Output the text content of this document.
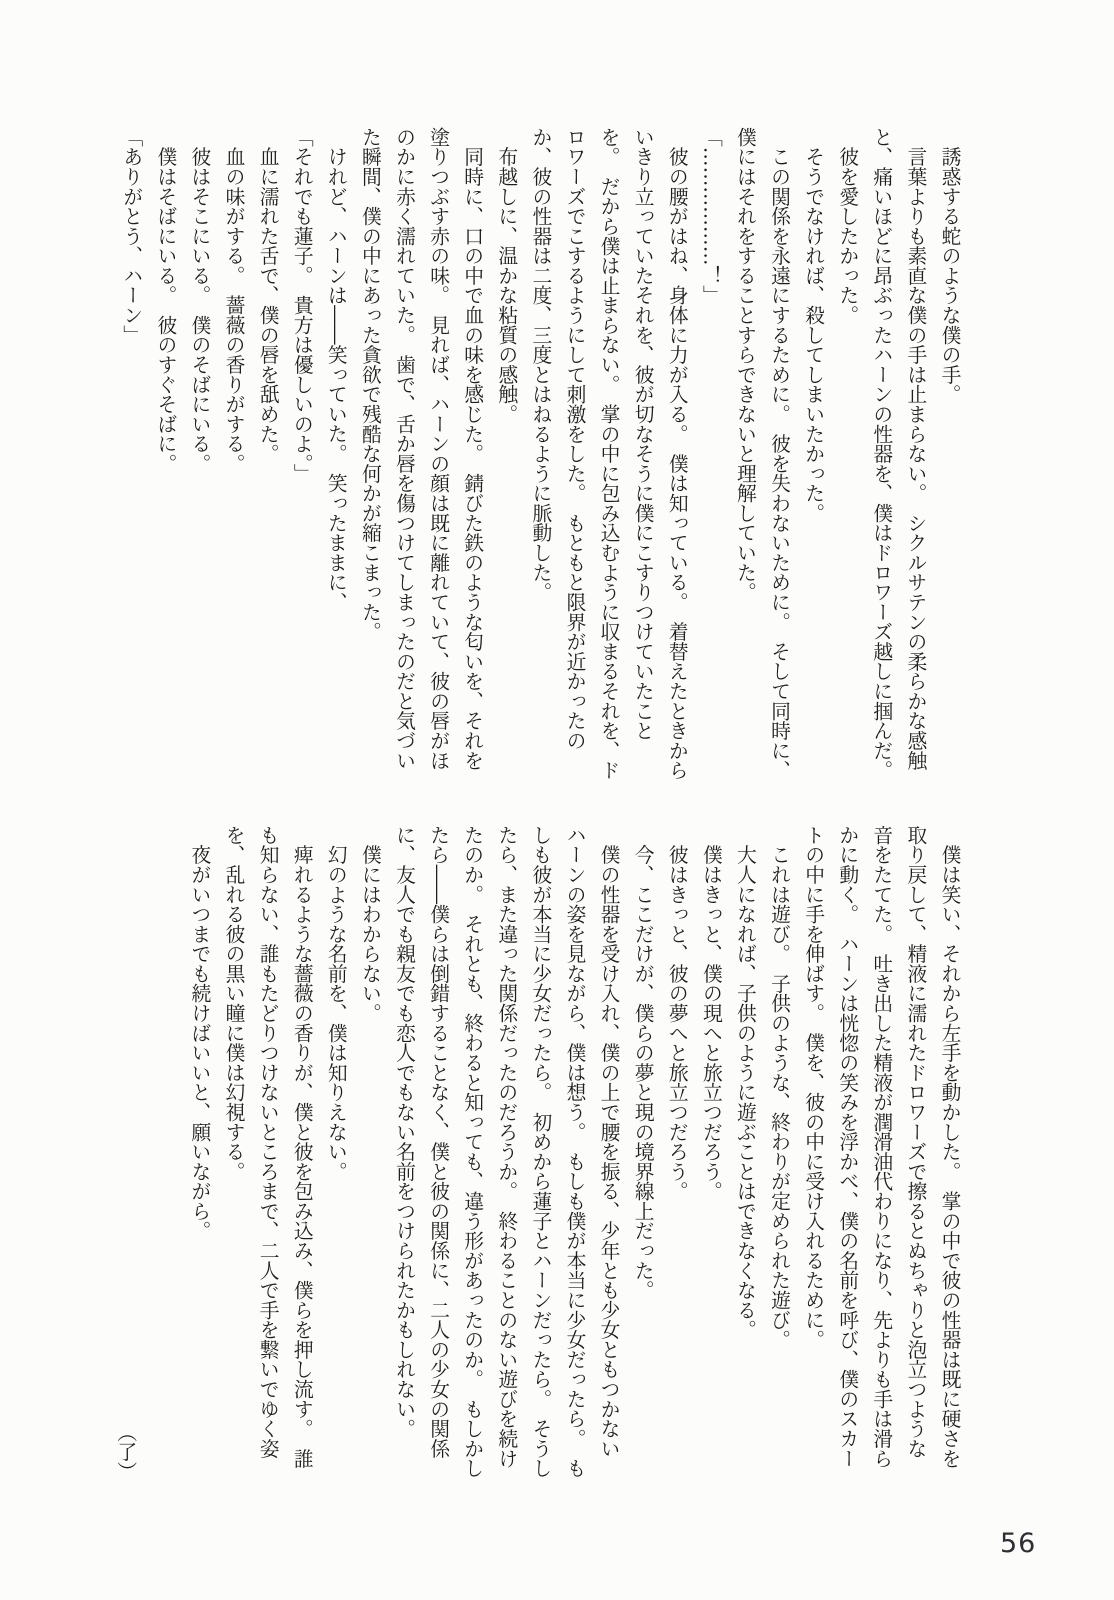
　誘惑する蛇のような僕の手。
　言葉よりも素直な僕の手は止まらない。　シクルサテンの柔らかな感触
と、痛いほどに昂ぶったハーンの性器を、僕はドロワーズ越しに掴んだ。
　彼を愛したかった。
　そうでなければ、殺してしまいたかった。
　この関係を永遠にするために。　彼を失わないために。　そして同時に、
僕にはそれをすることすらできないと理解していた。
「………………！」
　彼の腰がはね、身体に力が入る。　僕は知っている。　着替えたときから
いきり立っていたそれを、彼が切なそうに僕にこすりつけていたこと
を。　だから僕は止まらない。　掌の中に包み込むように収まるそれを、ド
ロワーズでこするようにして刺激をした。　もともと限界が近かったの
か、彼の性器は二度、三度とはねるように脈動した。
　布越しに、温かな粘質の感触。
　同時に、口の中で血の味を感じた。　錆びた鉄のような匂いを、それを
塗りつぶす赤の味。　見れば、ハーンの顔は既に離れていて、彼の唇がほ
のかに赤く濡れていた。　歯で、舌か唇を傷つけてしまったのだと気づい
た瞬間、僕の中にあった貪欲で残酷な何かが縮こまった。
　けれど、ハーンは――笑っていた。　笑ったままに、
「それでも蓮子。　貴方は優しいのよ。」
　血に濡れた舌で、僕の唇を舐めた。
　血の味がする。　薔薇の香りがする。
　彼はそこにいる。　僕のそばにいる。
　僕はそばにいる。　彼のすぐそばに。
「ありがとう、ハーン」
　僕は笑い、それから左手を動かした。　掌の中で彼の性器は既に硬さを
取り戻して、精液に濡れたドロワーズで擦るとぬちゃりと泡立つような
音をたてた。　吐き出した精液が潤滑油代わりになり、先よりも手は滑ら
かに動く。　ハーンは恍惚の笑みを浮かべ、僕の名前を呼び、僕のスカー
トの中に手を伸ばす。　僕を、彼の中に受け入れるために。
　これは遊び。　子供のような、終わりが定められた遊び。
　大人になれば、子供のように遊ぶことはできなくなる。
　僕はきっと、僕の現へと旅立つだろう。
　彼はきっと、彼の夢へと旅立つだろう。
　今、ここだけが、僕らの夢と現の境界線上だった。
　僕の性器を受け入れ、僕の上で腰を振る、少年とも少女ともつかない
ハーンの姿を見ながら、僕は想う。　もしも僕が本当に少女だったら。　も
しも彼が本当に少女だったら。　初めから蓮子とハーンだったら。　そうし
たら、また違った関係だったのだろうか。　終わることのない遊びを続け
たのか。　それとも、終わると知っても、違う形があったのか。　もしかし
たら――僕らは倒錯することなく、僕と彼の関係に、二人の少女の関係
に、友人でも親友でも恋人でもない名前をつけられたかもしれない。
　僕にはわからない。
　幻のような名前を、僕は知りえない。
　痺れるような薔薇の香りが、僕と彼を包み込み、僕らを押し流す。　誰
も知らない、誰もたどりつけないところまで、二人で手を繋いでゆく姿
を、乱れる彼の黒い瞳に僕は幻視する。
　夜がいつまでも続けばいいと、願いながら。
（了）
56
